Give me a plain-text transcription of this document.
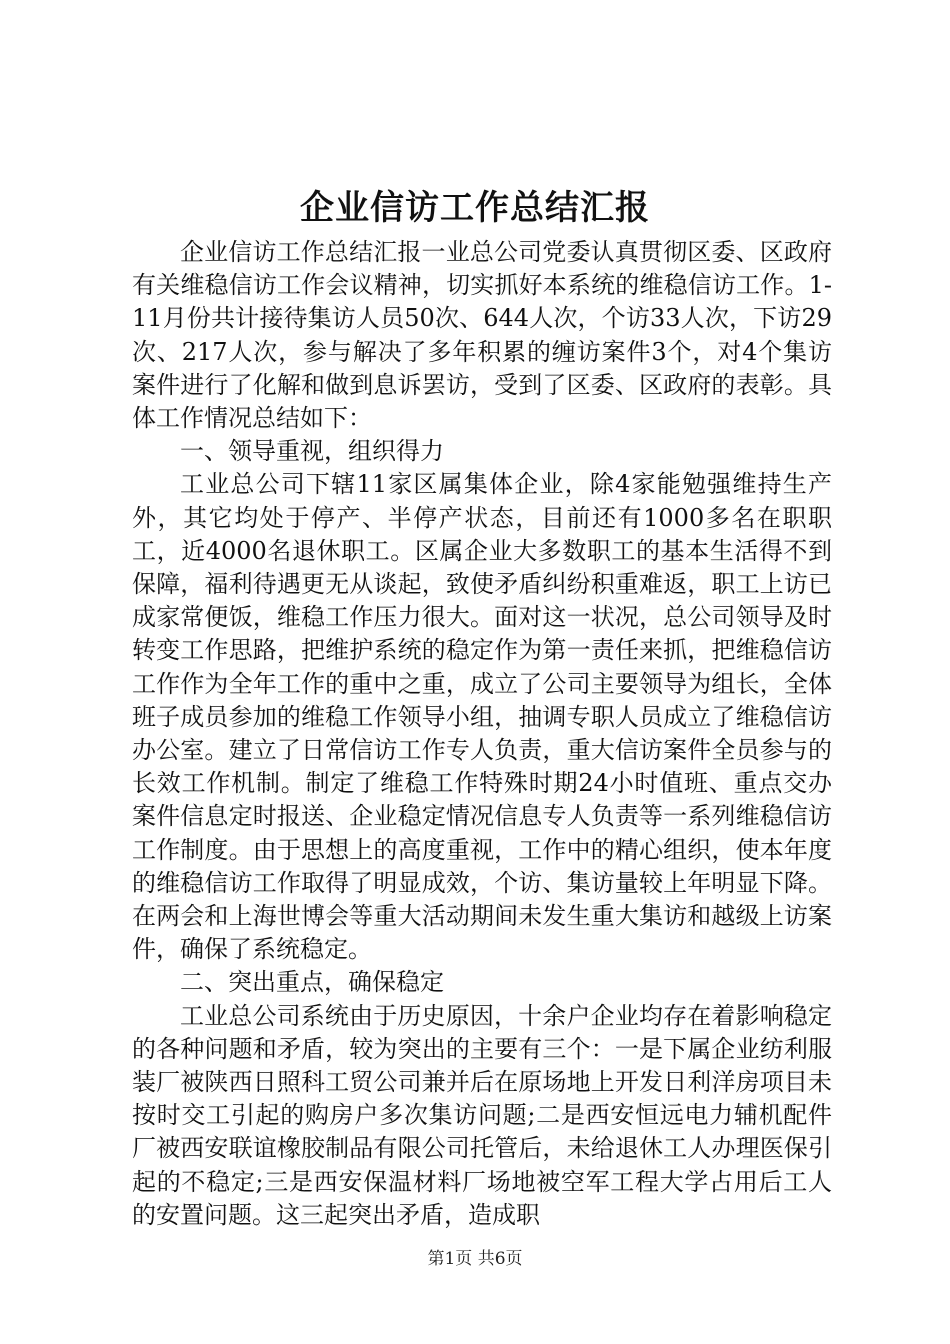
企业信访工作总结汇报

企业信访工作总结汇报一业总公司党委认真贯彻区委、区政府有关维稳信访工作会议精神，切实抓好本系统的维稳信访工作。1-11月份共计接待集访人员50次、644人次，个访33人次，下访29次、217人次，参与解决了多年积累的缠访案件3个，对4个集访案件进行了化解和做到息诉罢访，受到了区委、区政府的表彰。具体工作情况总结如下：

一、领导重视，组织得力

工业总公司下辖11家区属集体企业，除4家能勉强维持生产外，其它均处于停产、半停产状态，目前还有1000多名在职职工，近4000名退休职工。区属企业大多数职工的基本生活得不到保障，福利待遇更无从谈起，致使矛盾纠纷积重难返，职工上访已成家常便饭，维稳工作压力很大。面对这一状况，总公司领导及时转变工作思路，把维护系统的稳定作为第一责任来抓，把维稳信访工作作为全年工作的重中之重，成立了公司主要领导为组长，全体班子成员参加的维稳工作领导小组，抽调专职人员成立了维稳信访办公室。建立了日常信访工作专人负责，重大信访案件全员参与的长效工作机制。制定了维稳工作特殊时期24小时值班、重点交办案件信息定时报送、企业稳定情况信息专人负责等一系列维稳信访工作制度。由于思想上的高度重视，工作中的精心组织，使本年度的维稳信访工作取得了明显成效，个访、集访量较上年明显下降。在两会和上海世博会等重大活动期间未发生重大集访和越级上访案件，确保了系统稳定。

二、突出重点，确保稳定

工业总公司系统由于历史原因，十余户企业均存在着影响稳定的各种问题和矛盾，较为突出的主要有三个：一是下属企业纺利服装厂被陕西日照科工贸公司兼并后在原场地上开发日利洋房项目未按时交工引起的购房户多次集访问题;二是西安恒远电力辅机配件厂被西安联谊橡胶制品有限公司托管后，未给退休工人办理医保引起的不稳定;三是西安保温材料厂场地被空军工程大学占用后工人的安置问题。这三起突出矛盾，造成职

第1页 共6页
